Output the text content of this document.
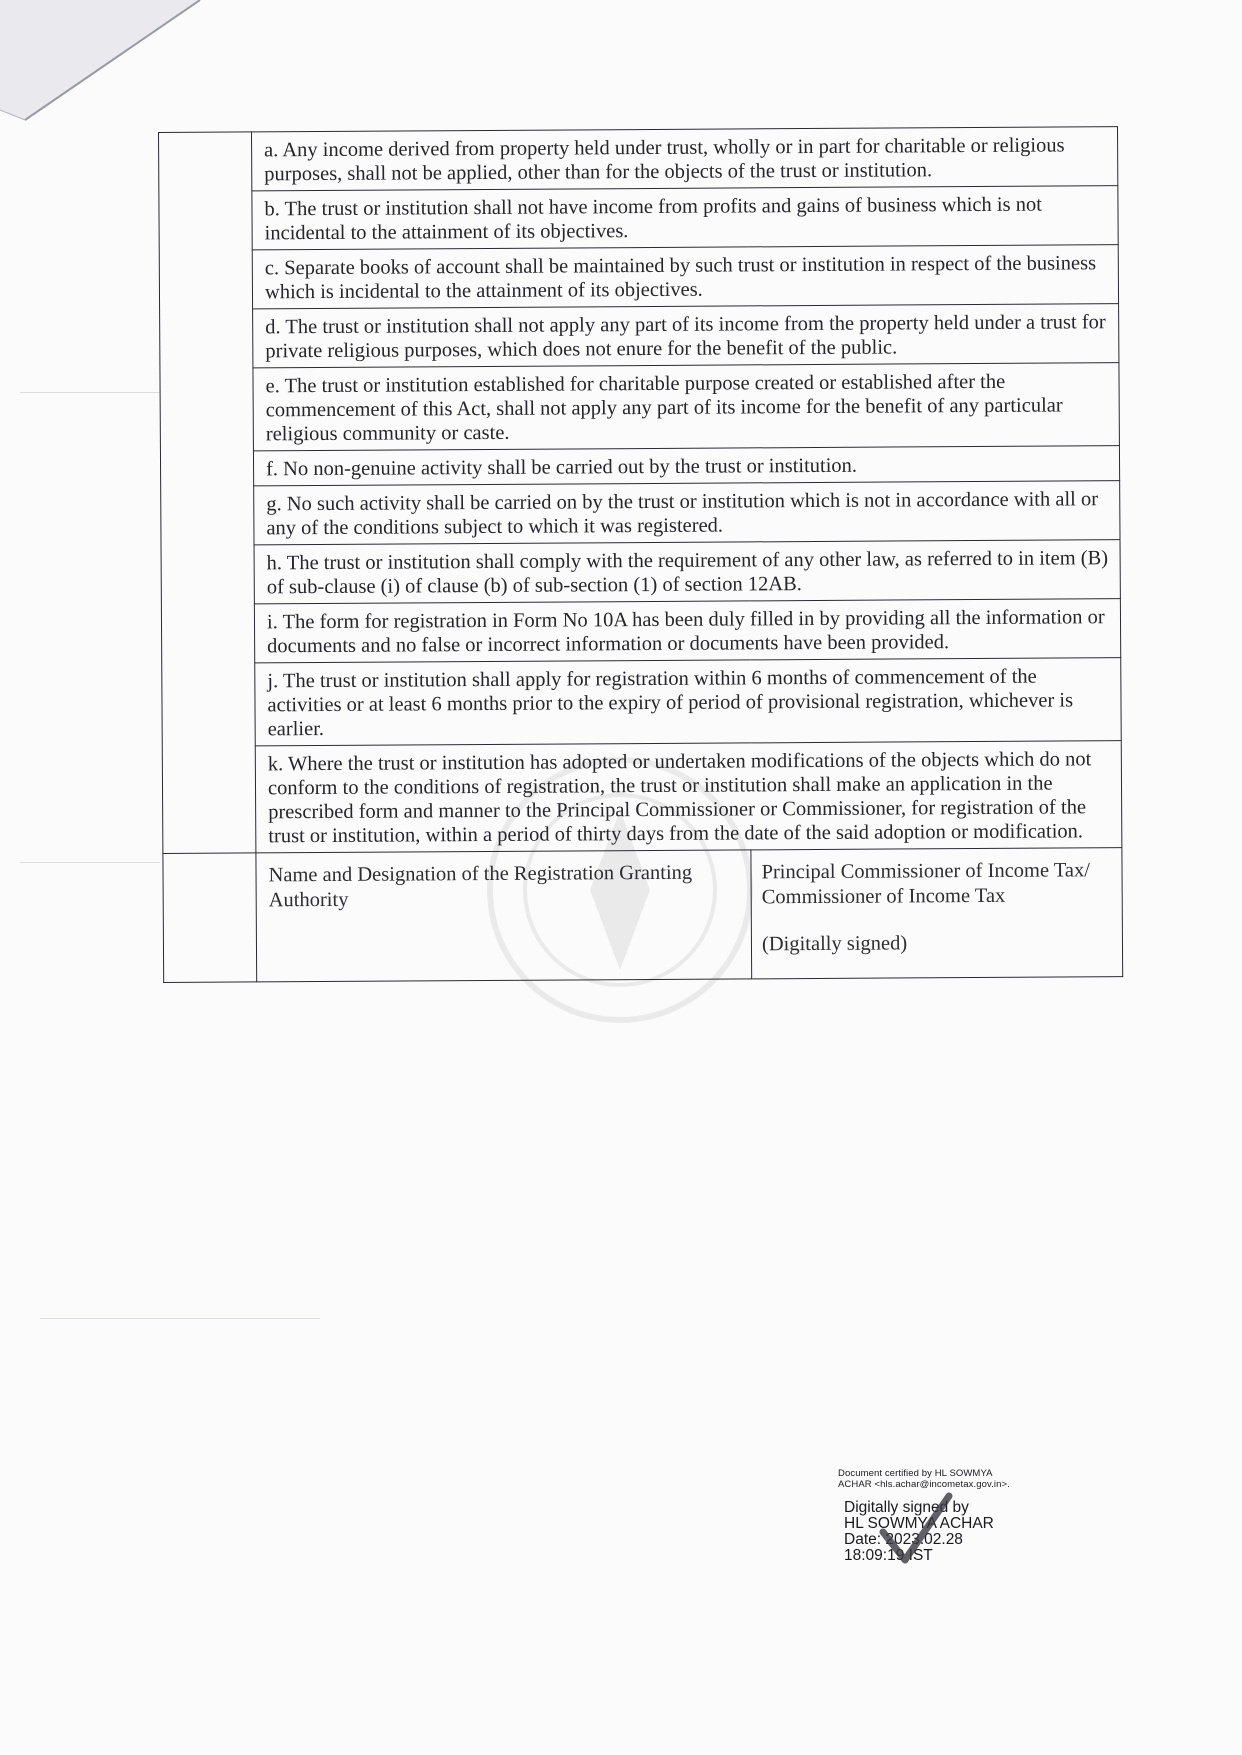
	a. Any income derived from property held under trust, wholly or in part for charitable or religious purposes, shall not be applied, other than for the objects of the trust or institution.	
	b. The trust or institution shall not have income from profits and gains of business which is not incidental to the attainment of its objectives.	
	c. Separate books of account shall be maintained by such trust or institution in respect of the business which is incidental to the attainment of its objectives.	
	d. The trust or institution shall not apply any part of its income from the property held under a trust for private religious purposes, which does not enure for the benefit of the public.	
	e. The trust or institution established for charitable purpose created or established after the commencement of this Act, shall not apply any part of its income for the benefit of any particular religious community or caste.	
	f. No non-genuine activity shall be carried out by the trust or institution.	
	g. No such activity shall be carried on by the trust or institution which is not in accordance with all or any of the conditions subject to which it was registered.	
	h. The trust or institution shall comply with the requirement of any other law, as referred to in item (B) of sub-clause (i) of clause (b) of sub-section (1) of section 12AB.	
	i. The form for registration in Form No 10A has been duly filled in by providing all the information or documents and no false or incorrect information or documents have been provided.	
	j. The trust or institution shall apply for registration within 6 months of commencement of the activities or at least 6 months prior to the expiry of period of provisional registration, whichever is earlier.	
	k. Where the trust or institution has adopted or undertaken modifications of the objects which do not conform to the conditions of registration, the trust or institution shall make an application in the prescribed form and manner to the Principal Commissioner or Commissioner, for registration of the trust or institution, within a period of thirty days from the date of the said adoption or modification.	
	Name and Designation of the Registration Granting Authority	Principal Commissioner of Income Tax/ Commissioner of Income Tax
(Digitally signed)
Document certified by HL SOWMYA
ACHAR <hls.achar@incometax.gov.in>.
Digitally signed by
HL SOWMYA ACHAR
Date: 2023.02.28
18:09:19 IST
